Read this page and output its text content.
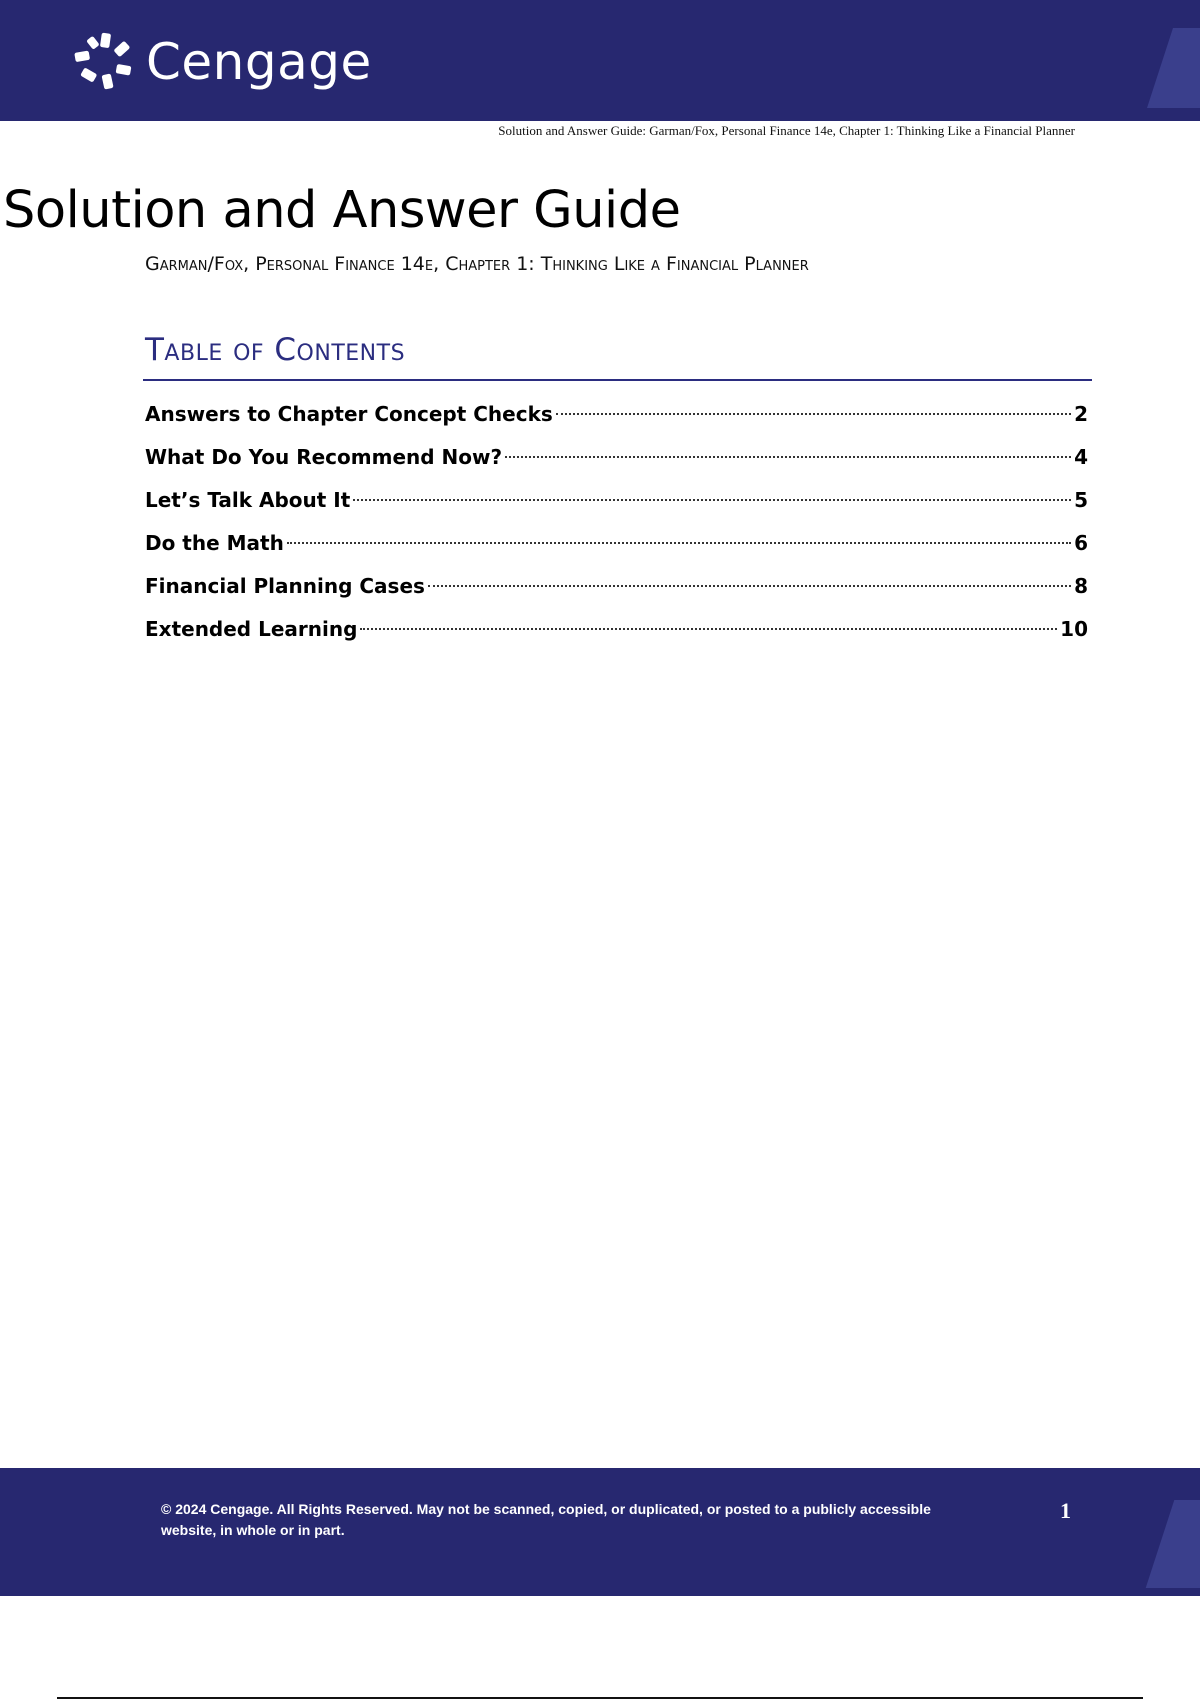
Cengage
Solution and Answer Guide: Garman/Fox, Personal Finance 14e, Chapter 1: Thinking Like a Financial Planner
Solution and Answer Guide

Garman/Fox, Personal Finance 14e, Chapter 1: Thinking Like a Financial Planner

Table of Contents
Answers to Chapter Concept Checks	2
What Do You Recommend Now?	4
Let’s Talk About It	5
Do the Math	6
Financial Planning Cases	8
Extended Learning	10

© 2024 Cengage. All Rights Reserved. May not be scanned, copied, or duplicated, or posted to a publicly accessible website, in whole or in part.

1
